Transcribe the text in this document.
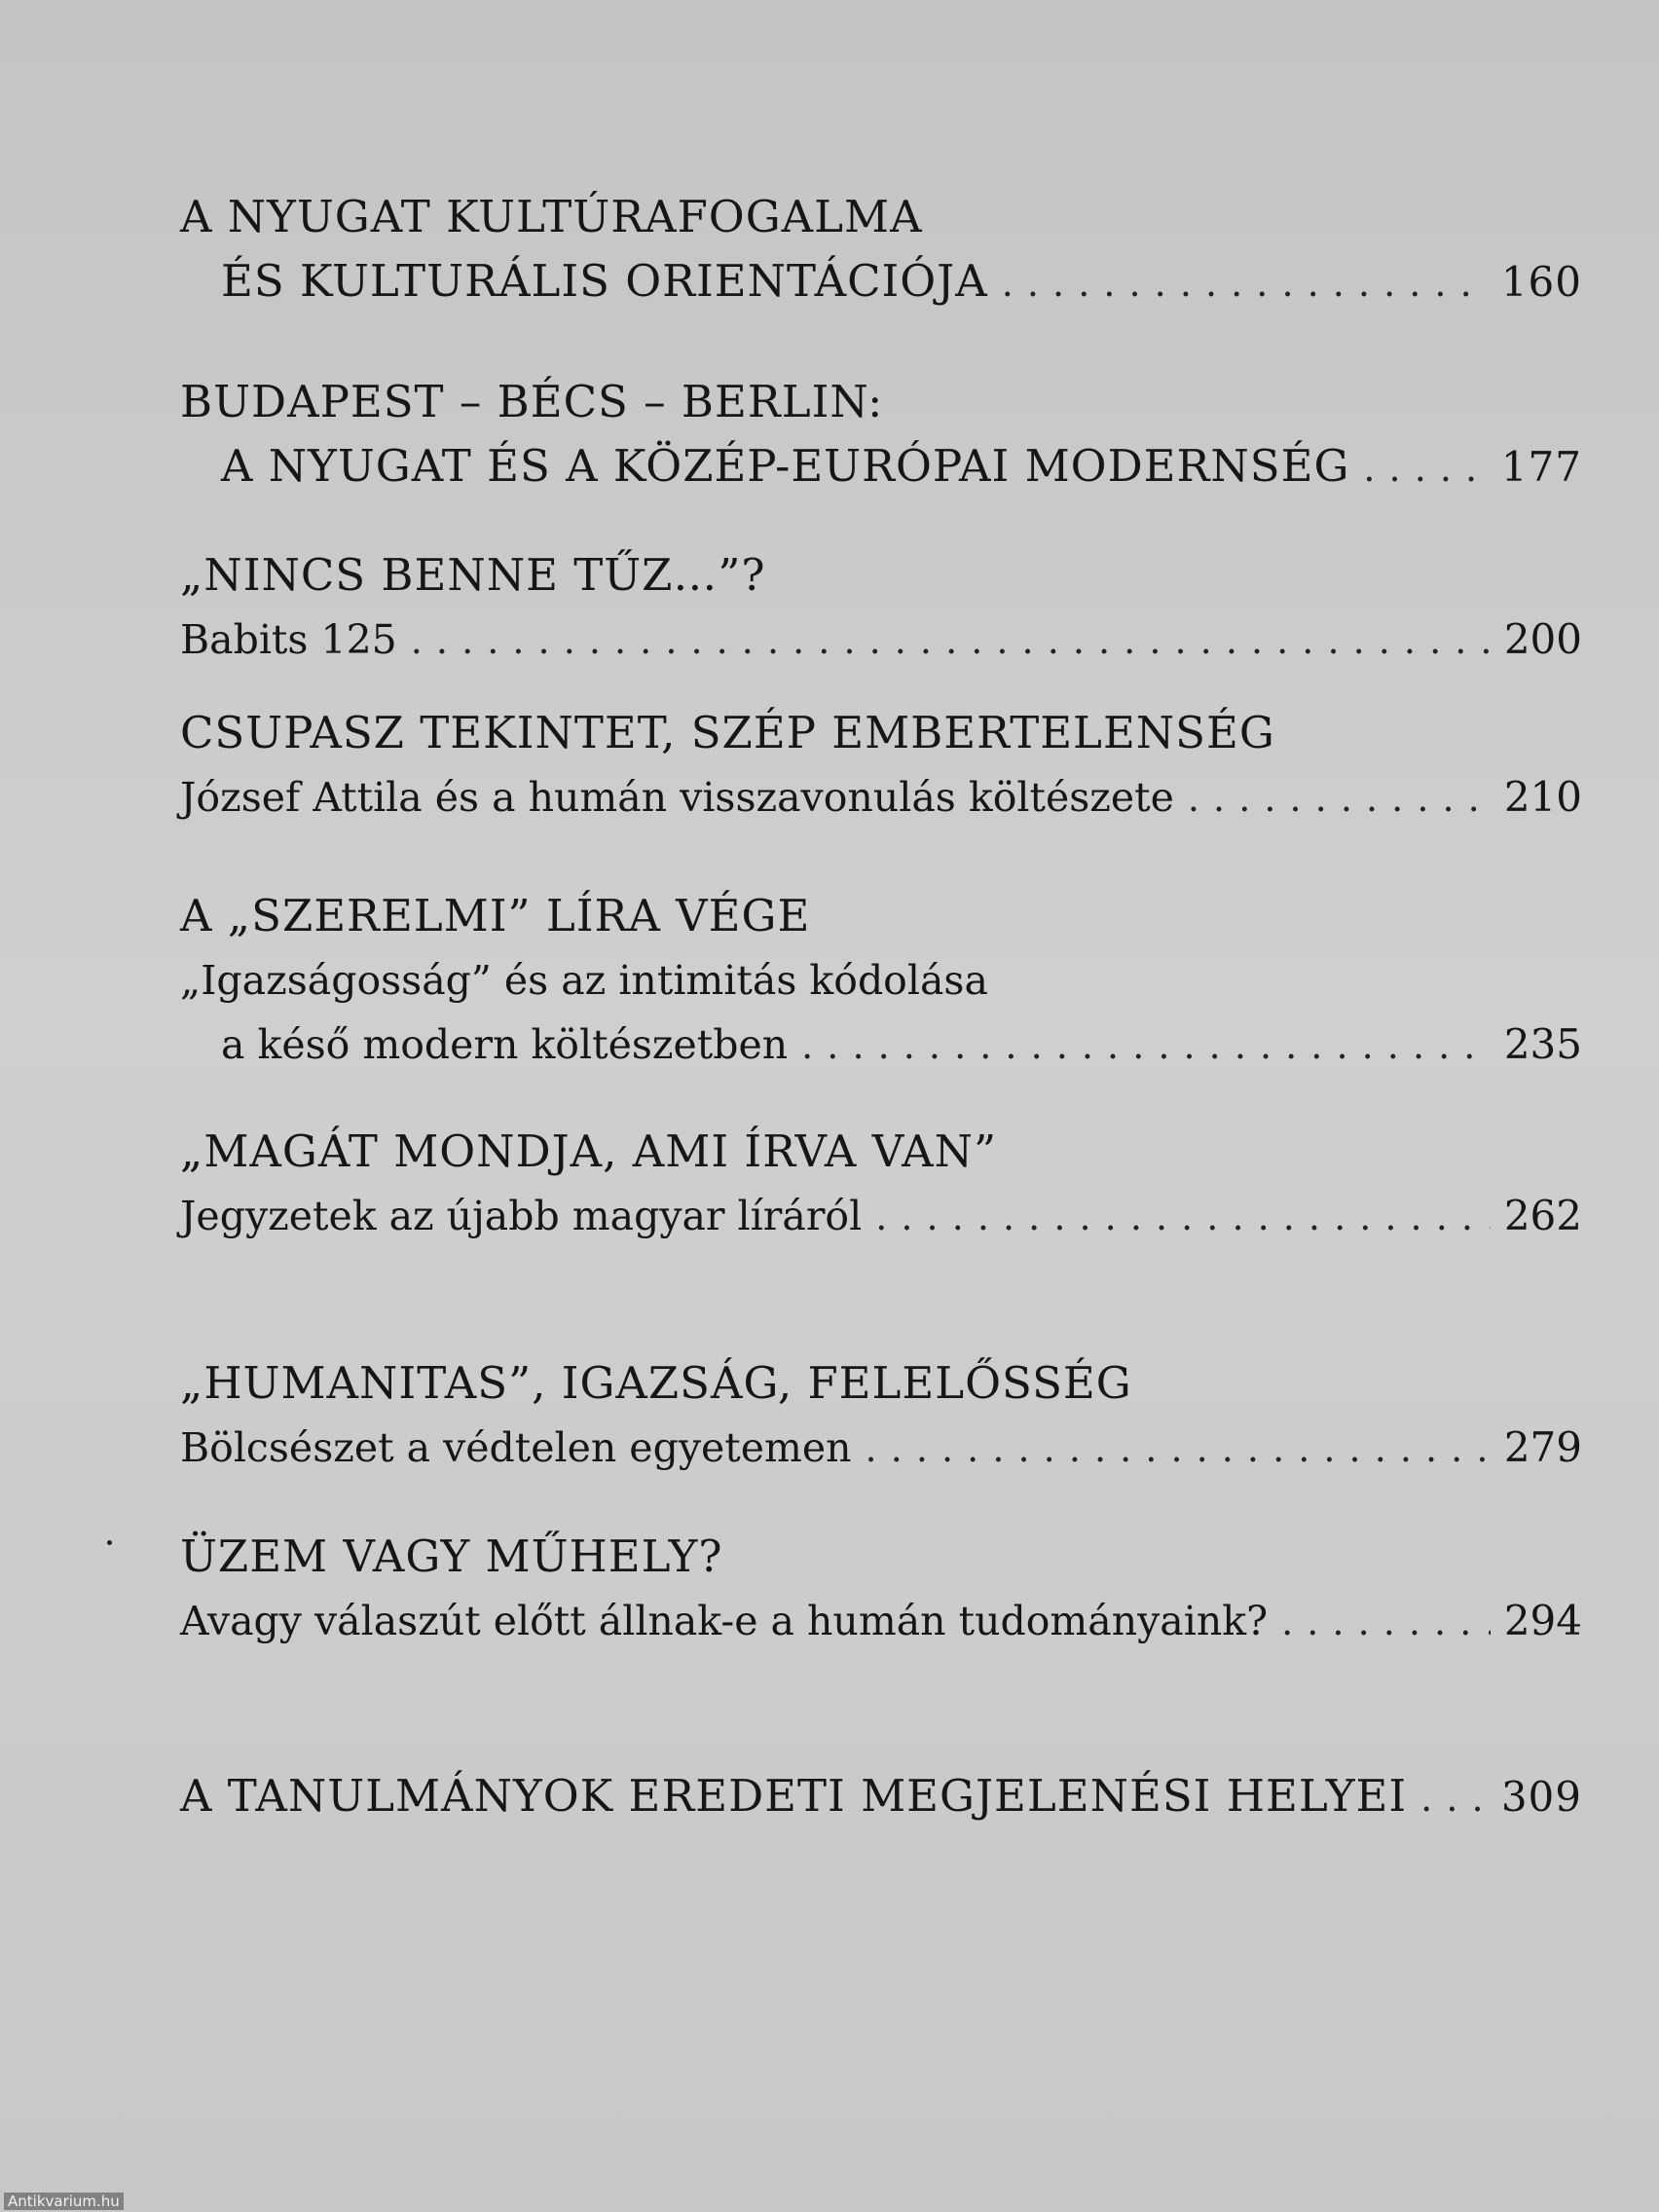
A NYUGAT KULTÚRAFOGALMA
ÉS KULTURÁLIS ORIENTÁCIÓJA . . .	160
BUDAPEST – BÉCS – BERLIN:
A NYUGAT ÉS A KÖZÉP-EURÓPAI MODERNSÉG . . .	177
„NINCS BENNE TŰZ…”?
Babits 125 . . .	200
CSUPASZ TEKINTET, SZÉP EMBERTELENSÉG
József Attila és a humán visszavonulás költészete . . .	210
A „SZERELMI” LÍRA VÉGE
„Igazságosság” és az intimitás kódolása
a késő modern költészetben . . .	235
„MAGÁT MONDJA, AMI ÍRVA VAN”
Jegyzetek az újabb magyar líráról . . .	262
„HUMANITAS”, IGAZSÁG, FELELŐSSÉG
Bölcsészet a védtelen egyetemen . . .	279
ÜZEM VAGY MŰHELY?
Avagy válaszút előtt állnak-e a humán tudományaink? . . .	294
A TANULMÁNYOK EREDETI MEGJELENÉSI HELYEI . . . 309
Antikvarium.hu
